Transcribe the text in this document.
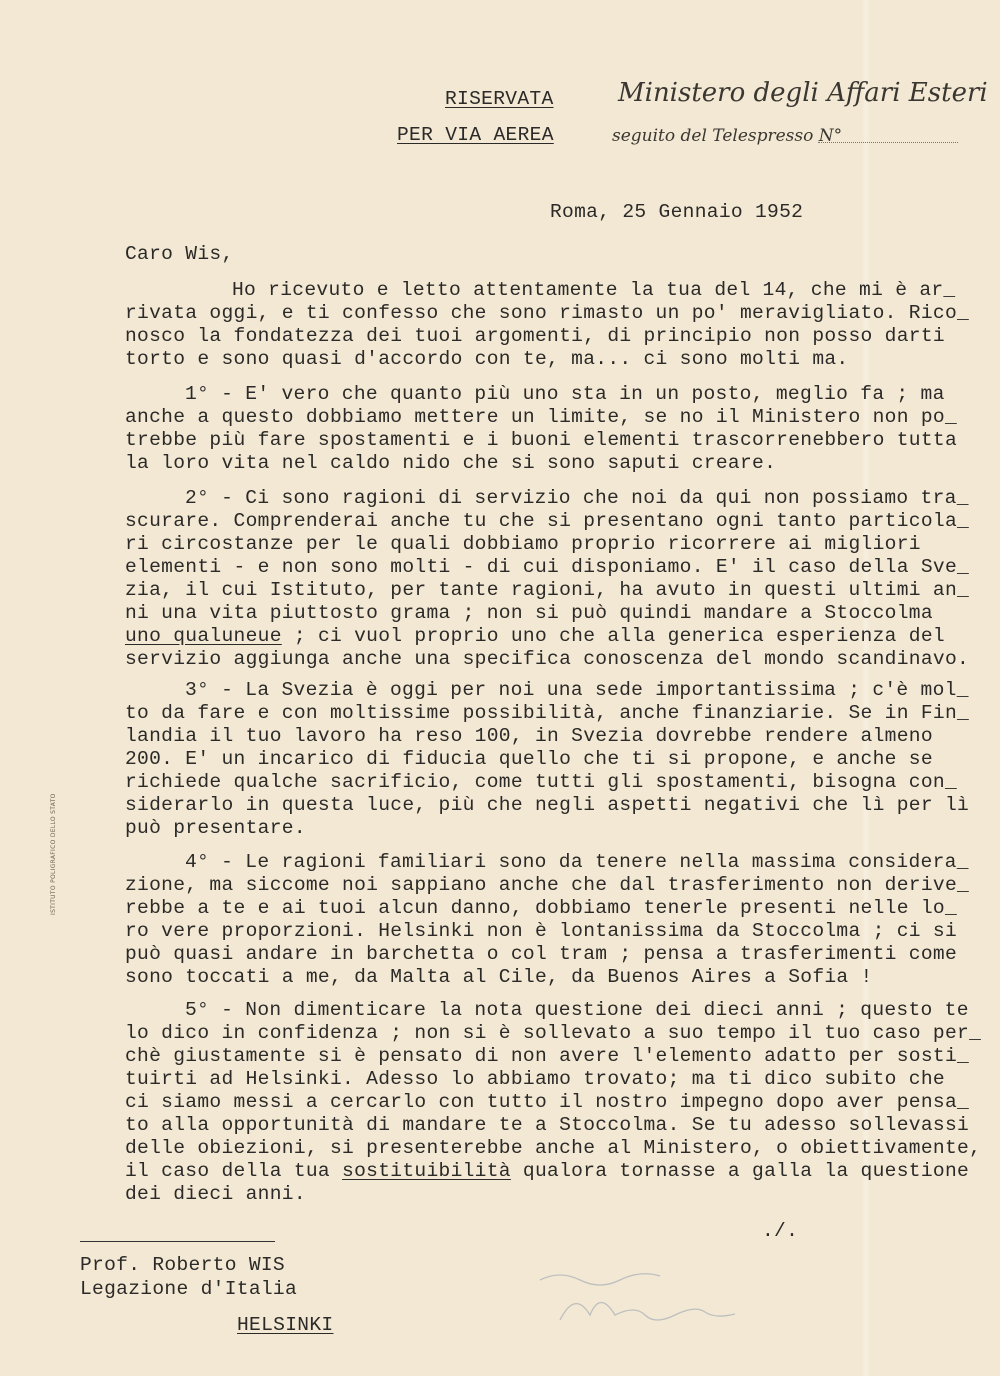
Ministero degli Affari Esteri
seguito del Telespresso N°
RISERVATA
PER VIA AEREA
Roma, 25 Gennaio 1952
Caro Wis,
Ho ricevuto e letto attentamente la tua del 14, che mi è ar_
rivata oggi, e ti confesso che sono rimasto un po' meravigliato. Rico_
nosco la fondatezza dei tuoi argomenti, di principio non posso darti
torto e sono quasi d'accordo con te, ma... ci sono molti ma.
1° - E' vero che quanto più uno sta in un posto, meglio fa ; ma
anche a questo dobbiamo mettere un limite, se no il Ministero non po_
trebbe più fare spostamenti e i buoni elementi trascorrenebbero tutta
la loro vita nel caldo nido che si sono saputi creare.
2° - Ci sono ragioni di servizio che noi da qui non possiamo tra_
scurare. Comprenderai anche tu che si presentano ogni tanto particola_
ri circostanze per le quali dobbiamo proprio ricorrere ai migliori
elementi - e non sono molti - di cui disponiamo. E' il caso della Sve_
zia, il cui Istituto, per tante ragioni, ha avuto in questi ultimi an_
ni una vita piuttosto grama ; non si può quindi mandare a Stoccolma
uno qualuneue ; ci vuol proprio uno che alla generica esperienza del
servizio aggiunga anche una specifica conoscenza del mondo scandinavo.
3° - La Svezia è oggi per noi una sede importantissima ; c'è mol_
to da fare e con moltissime possibilità, anche finanziarie. Se in Fin_
landia il tuo lavoro ha reso 100, in Svezia dovrebbe rendere almeno
200. E' un incarico di fiducia quello che ti si propone, e anche se
richiede qualche sacrificio, come tutti gli spostamenti, bisogna con_
siderarlo in questa luce, più che negli aspetti negativi che lì per lì
può presentare.
4° - Le ragioni familiari sono da tenere nella massima considera_
zione, ma siccome noi sappiano anche che dal trasferimento non derive_
rebbe a te e ai tuoi alcun danno, dobbiamo tenerle presenti nelle lo_
ro vere proporzioni. Helsinki non è lontanissima da Stoccolma ; ci si
può quasi andare in barchetta o col tram ; pensa a trasferimenti come
sono toccati a me, da Malta al Cile, da Buenos Aires a Sofia !
5° - Non dimenticare la nota questione dei dieci anni ; questo te
lo dico in confidenza ; non si è sollevato a suo tempo il tuo caso per_
chè giustamente si è pensato di non avere l'elemento adatto per sosti_
tuirti ad Helsinki. Adesso lo abbiamo trovato; ma ti dico subito che
ci siamo messi a cercarlo con tutto il nostro impegno dopo aver pensa_
to alla opportunità di mandare te a Stoccolma. Se tu adesso sollevassi
delle obiezioni, si presenterebbe anche al Ministero, o obiettivamente,
il caso della tua sostituibilità qualora tornasse a galla la questione
dei dieci anni.
./.
Prof. Roberto WIS
Legazione d'Italia
HELSINKI
ISTITUTO POLIGRAFICO DELLO STATO
